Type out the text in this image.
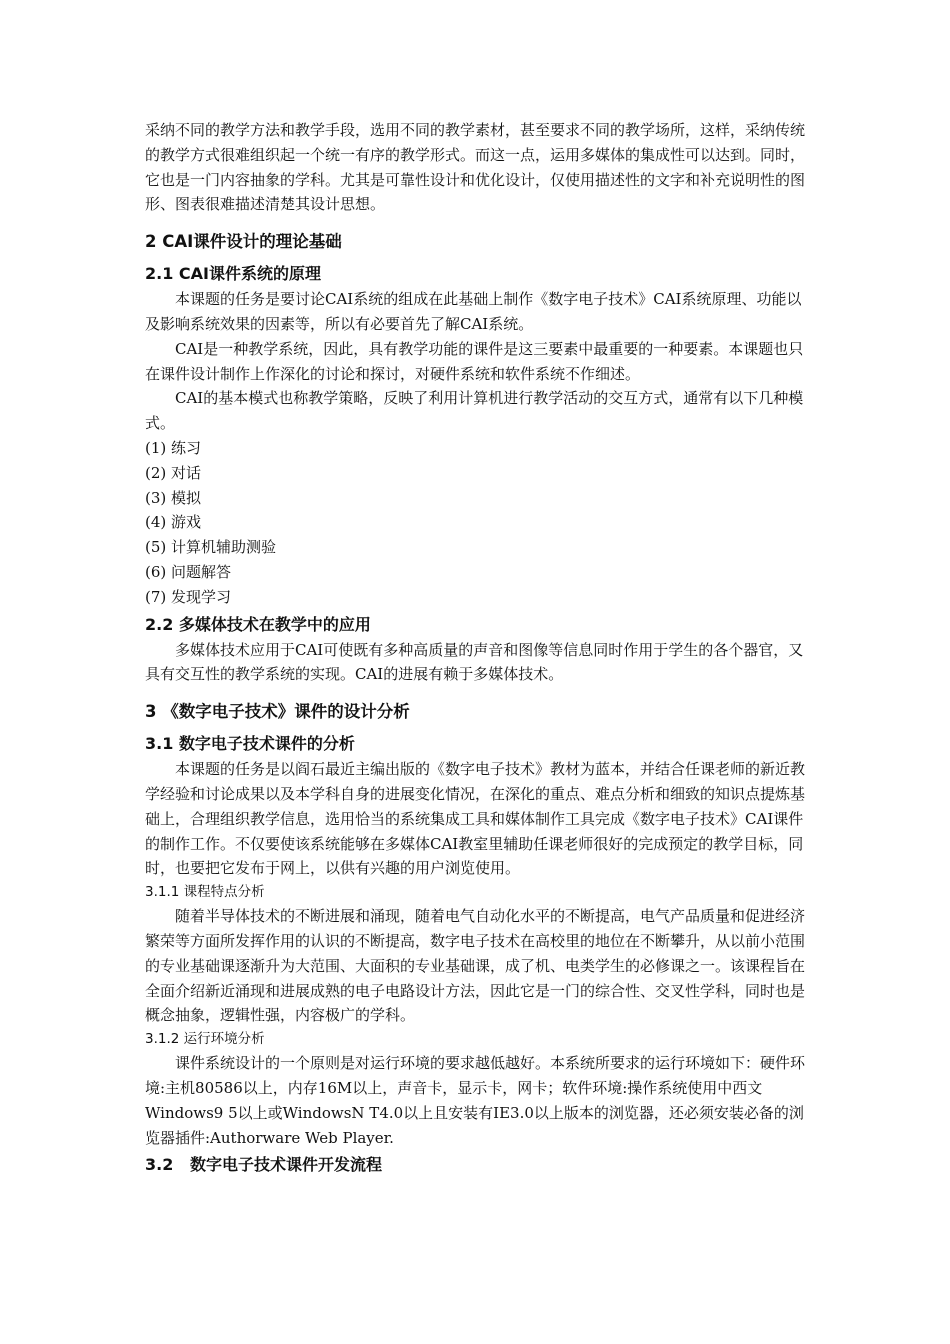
采纳不同的教学方法和教学手段，选用不同的教学素材，甚至要求不同的教学场所，这样，采纳传统的教学方式很难组织起一个统一有序的教学形式。而这一点，运用多媒体的集成性可以达到。同时，它也是一门内容抽象的学科。尤其是可靠性设计和优化设计，仅使用描述性的文字和补充说明性的图形、图表很难描述清楚其设计思想。

2 CAI课件设计的理论基础
2.1 CAI课件系统的原理

本课题的任务是要讨论CAI系统的组成在此基础上制作《数字电子技术》CAI系统原理、功能以及影响系统效果的因素等，所以有必要首先了解CAI系统。

CAI是一种教学系统，因此，具有教学功能的课件是这三要素中最重要的一种要素。本课题也只在课件设计制作上作深化的讨论和探讨，对硬件系统和软件系统不作细述。

CAI的基本模式也称教学策略，反映了利用计算机进行教学活动的交互方式，通常有以下几种模式。

(1) 练习

(2) 对话

(3) 模拟

(4) 游戏

(5) 计算机辅助测验

(6) 问题解答

(7) 发现学习

2.2 多媒体技术在教学中的应用

多媒体技术应用于CAI可使既有多种高质量的声音和图像等信息同时作用于学生的各个器官，又具有交互性的教学系统的实现。CAI的进展有赖于多媒体技术。

3 《数字电子技术》课件的设计分析
3.1 数字电子技术课件的分析

本课题的任务是以阎石最近主编出版的《数字电子技术》教材为蓝本，并结合任课老师的新近教学经验和讨论成果以及本学科自身的进展变化情况，在深化的重点、难点分析和细致的知识点提炼基础上，合理组织教学信息，选用恰当的系统集成工具和媒体制作工具完成《数字电子技术》CAI课件的制作工作。不仅要使该系统能够在多媒体CAI教室里辅助任课老师很好的完成预定的教学目标，同时，也要把它发布于网上，以供有兴趣的用户浏览使用。

3.1.1 课程特点分析

随着半导体技术的不断进展和涌现，随着电气自动化水平的不断提高，电气产品质量和促进经济繁荣等方面所发挥作用的认识的不断提高，数字电子技术在高校里的地位在不断攀升，从以前小范围的专业基础课逐渐升为大范围、大面积的专业基础课，成了机、电类学生的必修课之一。该课程旨在全面介绍新近涌现和进展成熟的电子电路设计方法，因此它是一门的综合性、交叉性学科，同时也是概念抽象，逻辑性强，内容极广的学科。

3.1.2 运行环境分析

课件系统设计的一个原则是对运行环境的要求越低越好。本系统所要求的运行环境如下：硬件环境:主机80586以上，内存16M以上，声音卡，显示卡，网卡；软件环境:操作系统使用中西文Windows9 5以上或WindowsN T4.0以上且安装有IE3.0以上版本的浏览器，还必须安装必备的浏览器插件:Authorware Web Player.

3.2   数字电子技术课件开发流程
